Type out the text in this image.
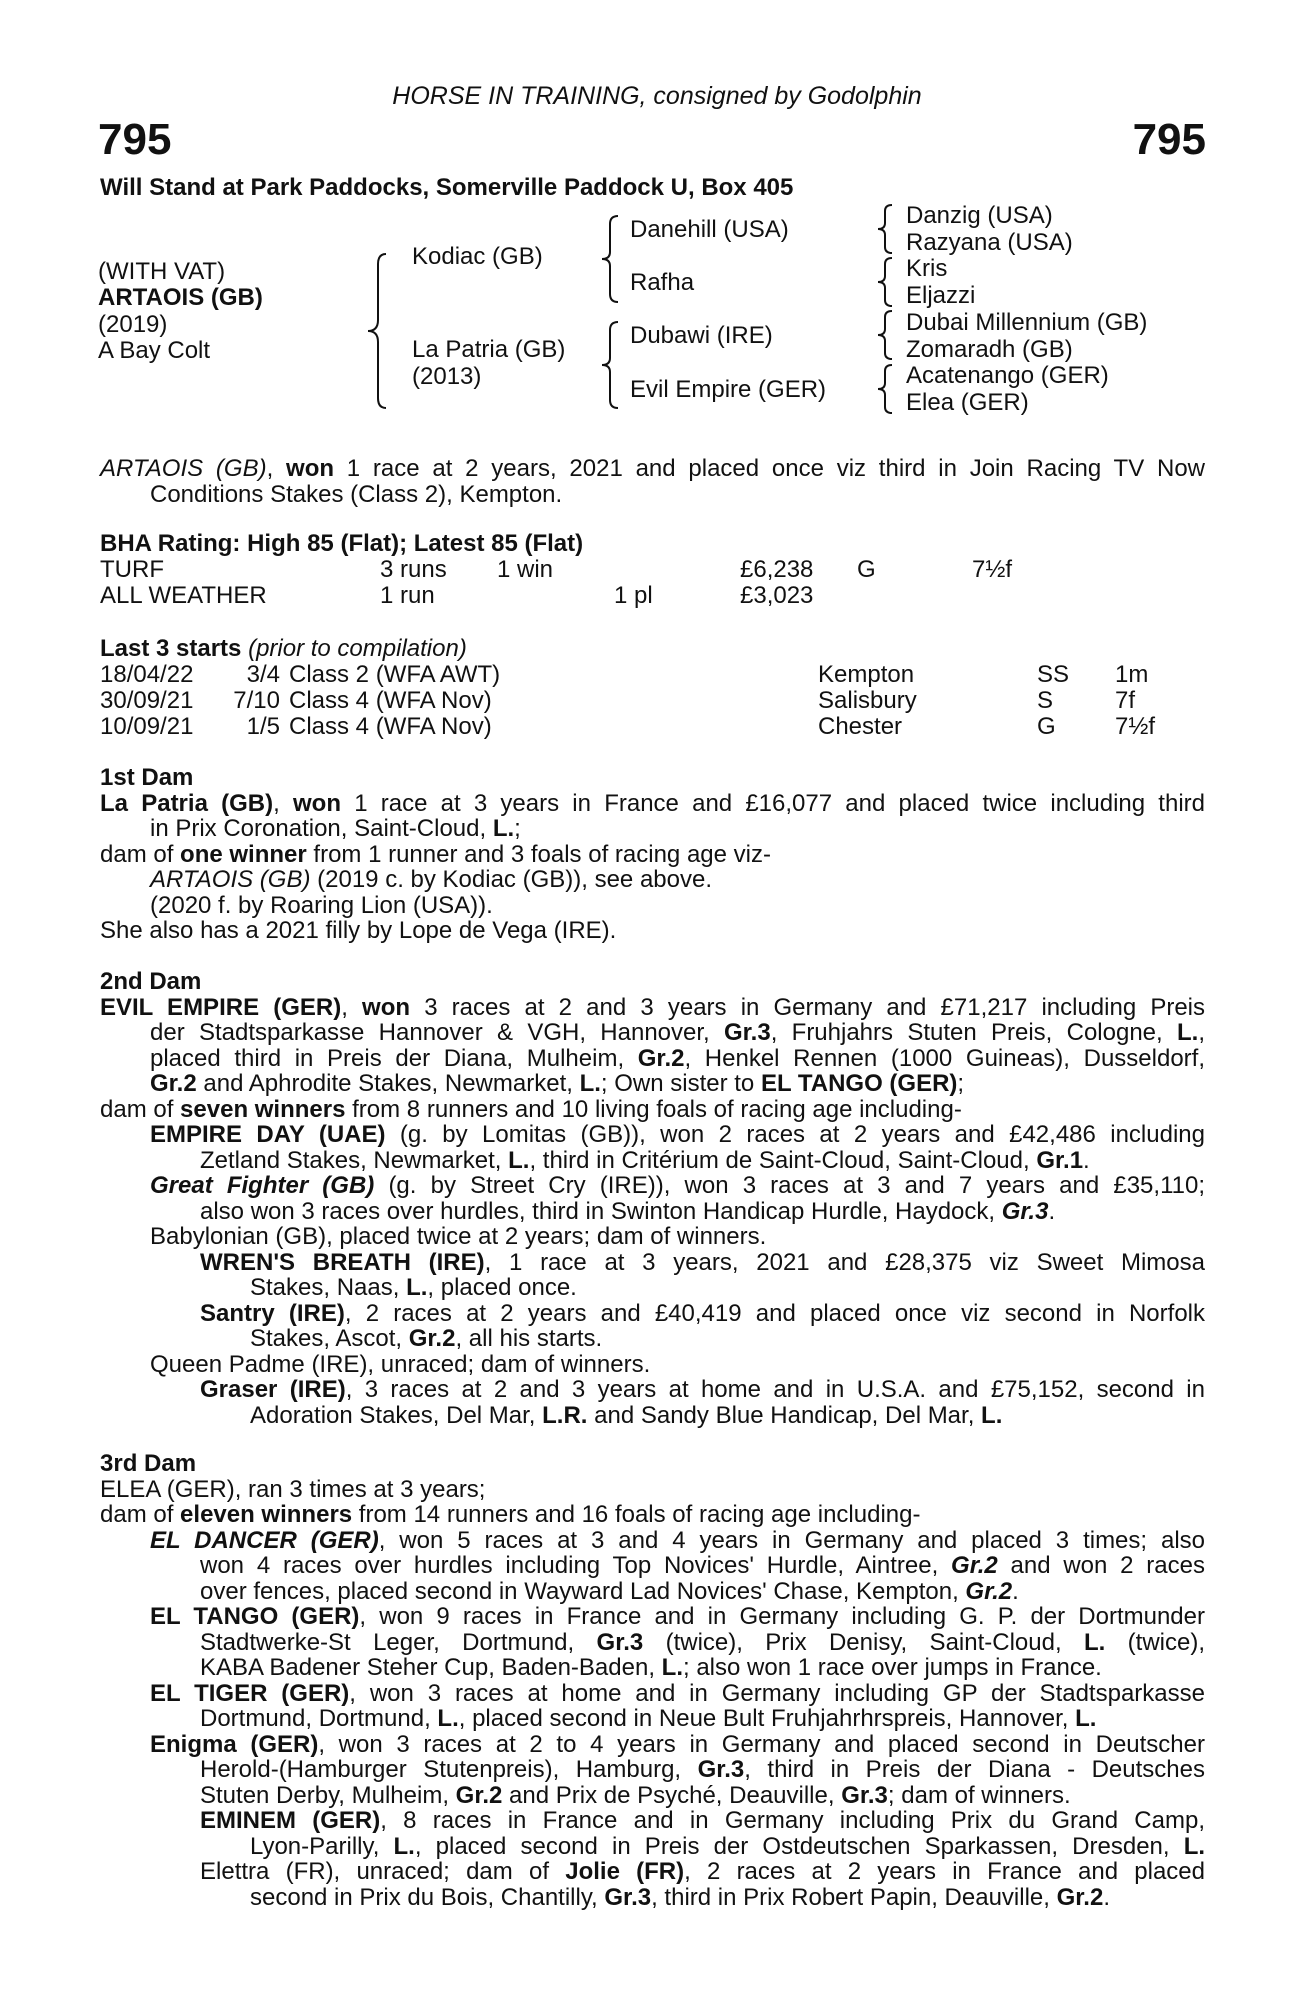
HORSE IN TRAINING, consigned by Godolphin
795	795
Will Stand at Park Paddocks, Somerville Paddock U, Box 405
(WITH VAT)
ARTAOIS (GB)
(2019)
A Bay Colt
Kodiac (GB)
La Patria (GB)
(2013)
Danehill (USA)
Rafha
Dubawi (IRE)
Evil Empire (GER)
Danzig (USA)
Razyana (USA)
Kris
Eljazzi
Dubai Millennium (GB)
Zomaradh (GB)
Acatenango (GER)
Elea (GER)
ARTAOIS (GB), won 1 race at 2 years, 2021 and placed once viz third in Join Racing TV Now
Conditions Stakes (Class 2), Kempton.
BHA Rating: High 85 (Flat); Latest 85 (Flat)
TURF	3 runs 1 win	£6,238 G	7½f
ALL WEATHER	1 run	1 pl	£3,023
Last 3 starts (prior to compilation)
18/04/22	3/4 Class 2 (WFA AWT)	Kempton	SS 1m
30/09/21	7/10 Class 4 (WFA Nov)	Salisbury	S	7f
10/09/21	1/5 Class 4 (WFA Nov)	Chester	G 7½f
1st Dam
La Patria (GB), won 1 race at 3 years in France and £16,077 and placed twice including third
in Prix Coronation, Saint-Cloud, L.;
dam of one winner from 1 runner and 3 foals of racing age viz-
ARTAOIS (GB) (2019 c. by Kodiac (GB)), see above.
(2020 f. by Roaring Lion (USA)).
She also has a 2021 filly by Lope de Vega (IRE).
2nd Dam
EVIL EMPIRE (GER), won 3 races at 2 and 3 years in Germany and £71,217 including Preis
der Stadtsparkasse Hannover & VGH, Hannover, Gr.3, Fruhjahrs Stuten Preis, Cologne, L.,
placed third in Preis der Diana, Mulheim, Gr.2, Henkel Rennen (1000 Guineas), Dusseldorf,
Gr.2 and Aphrodite Stakes, Newmarket, L.; Own sister to EL TANGO (GER);
dam of seven winners from 8 runners and 10 living foals of racing age including-
EMPIRE DAY (UAE) (g. by Lomitas (GB)), won 2 races at 2 years and £42,486 including
Zetland Stakes, Newmarket, L., third in Critérium de Saint-Cloud, Saint-Cloud, Gr.1.
Great Fighter (GB) (g. by Street Cry (IRE)), won 3 races at 3 and 7 years and £35,110;
also won 3 races over hurdles, third in Swinton Handicap Hurdle, Haydock, Gr.3.
Babylonian (GB), placed twice at 2 years; dam of winners.
WREN'S BREATH (IRE), 1 race at 3 years, 2021 and £28,375 viz Sweet Mimosa
Stakes, Naas, L., placed once.
Santry (IRE), 2 races at 2 years and £40,419 and placed once viz second in Norfolk
Stakes, Ascot, Gr.2, all his starts.
Queen Padme (IRE), unraced; dam of winners.
Graser (IRE), 3 races at 2 and 3 years at home and in U.S.A. and £75,152, second in
Adoration Stakes, Del Mar, L.R. and Sandy Blue Handicap, Del Mar, L.
3rd Dam
ELEA (GER), ran 3 times at 3 years;
dam of eleven winners from 14 runners and 16 foals of racing age including-
EL DANCER (GER), won 5 races at 3 and 4 years in Germany and placed 3 times; also
won 4 races over hurdles including Top Novices' Hurdle, Aintree, Gr.2 and won 2 races
over fences, placed second in Wayward Lad Novices' Chase, Kempton, Gr.2.
EL TANGO (GER), won 9 races in France and in Germany including G. P. der Dortmunder
Stadtwerke-St Leger, Dortmund, Gr.3 (twice), Prix Denisy, Saint-Cloud, L. (twice),
KABA Badener Steher Cup, Baden-Baden, L.; also won 1 race over jumps in France.
EL TIGER (GER), won 3 races at home and in Germany including GP der Stadtsparkasse
Dortmund, Dortmund, L., placed second in Neue Bult Fruhjahrhrspreis, Hannover, L.
Enigma (GER), won 3 races at 2 to 4 years in Germany and placed second in Deutscher
Herold-(Hamburger Stutenpreis), Hamburg, Gr.3, third in Preis der Diana - Deutsches
Stuten Derby, Mulheim, Gr.2 and Prix de Psyché, Deauville, Gr.3; dam of winners.
EMINEM (GER), 8 races in France and in Germany including Prix du Grand Camp,
Lyon-Parilly, L., placed second in Preis der Ostdeutschen Sparkassen, Dresden, L.
Elettra (FR), unraced; dam of Jolie (FR), 2 races at 2 years in France and placed
second in Prix du Bois, Chantilly, Gr.3, third in Prix Robert Papin, Deauville, Gr.2.
